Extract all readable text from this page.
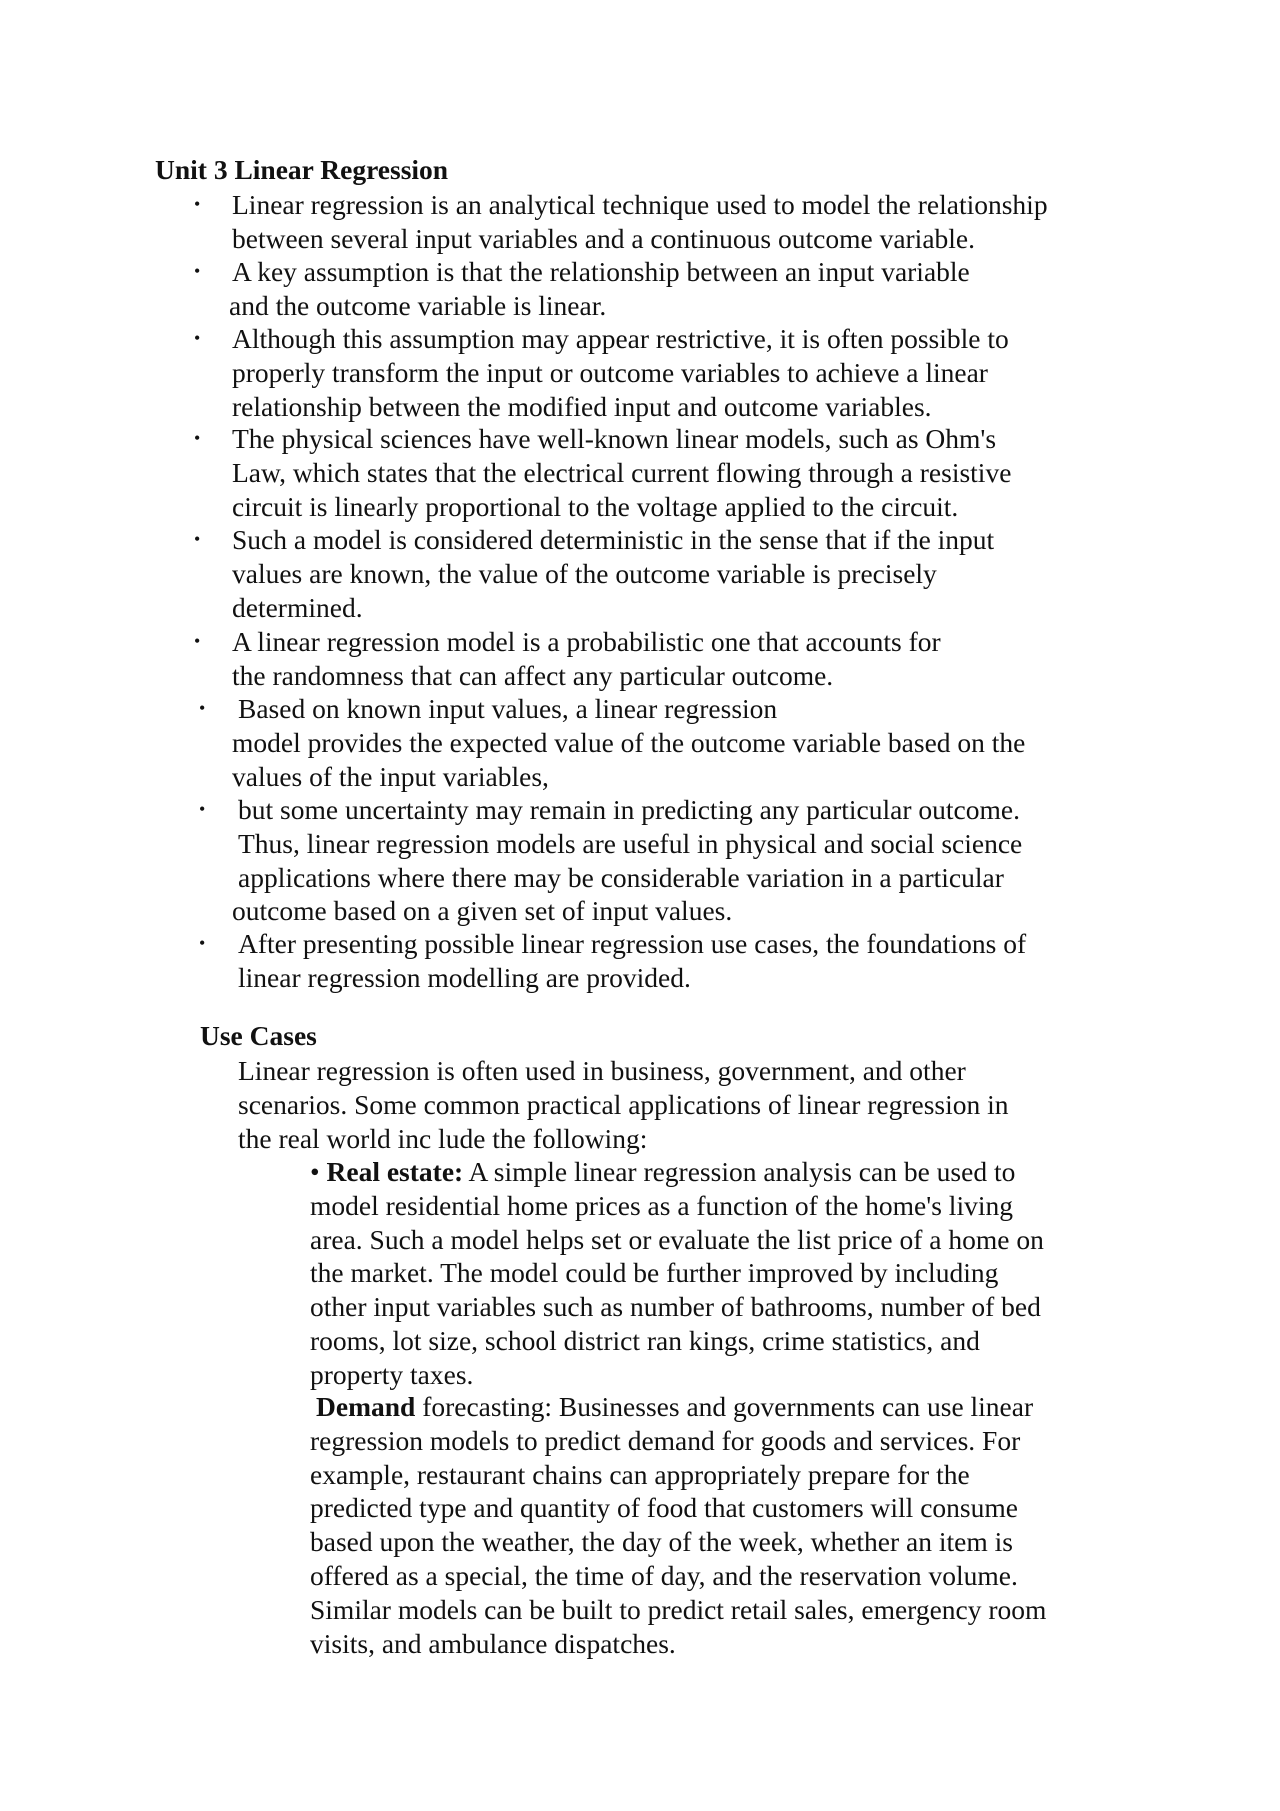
Unit 3 Linear Regression
• Linear regression is an analytical technique used to model the relationship

between several input variables and a continuous outcome variable.

• A key assumption is that the relationship between an input variable

and the outcome variable is linear.

• Although this assumption may appear restrictive, it is often possible to

properly transform the input or outcome variables to achieve a linear

relationship between the modified input and outcome variables.

• The physical sciences have well-known linear models, such as Ohm's

Law, which states that the electrical current flowing through a resistive

circuit is linearly proportional to the voltage applied to the circuit.

• Such a model is considered deterministic in the sense that if the input

values are known, the value of the outcome variable is precisely

determined.

• A linear regression model is a probabilistic one that accounts for

the randomness that can affect any particular outcome.

• Based on known input values, a linear regression

model provides the expected value of the outcome variable based on the

values of the input variables,

• but some uncertainty may remain in predicting any particular outcome.

Thus, linear regression models are useful in physical and social science

applications where there may be considerable variation in a particular

outcome based on a given set of input values.

• After presenting possible linear regression use cases, the foundations of

linear regression modelling are provided.

Use Cases

Linear regression is often used in business, government, and other

scenarios. Some common practical applications of linear regression in

the real world inc lude the following:

• Real estate: A simple linear regression analysis can be used to

model residential home prices as a function of the home's living

area. Such a model helps set or evaluate the list price of a home on

the market. The model could be further improved by including

other input variables such as number of bathrooms, number of bed

rooms, lot size, school district ran kings, crime statistics, and

property taxes.

Demand forecasting: Businesses and governments can use linear

regression models to predict demand for goods and services. For

example, restaurant chains can appropriately prepare for the

predicted type and quantity of food that customers will consume

based upon the weather, the day of the week, whether an item is

offered as a special, the time of day, and the reservation volume.

Similar models can be built to predict retail sales, emergency room

visits, and ambulance dispatches.
